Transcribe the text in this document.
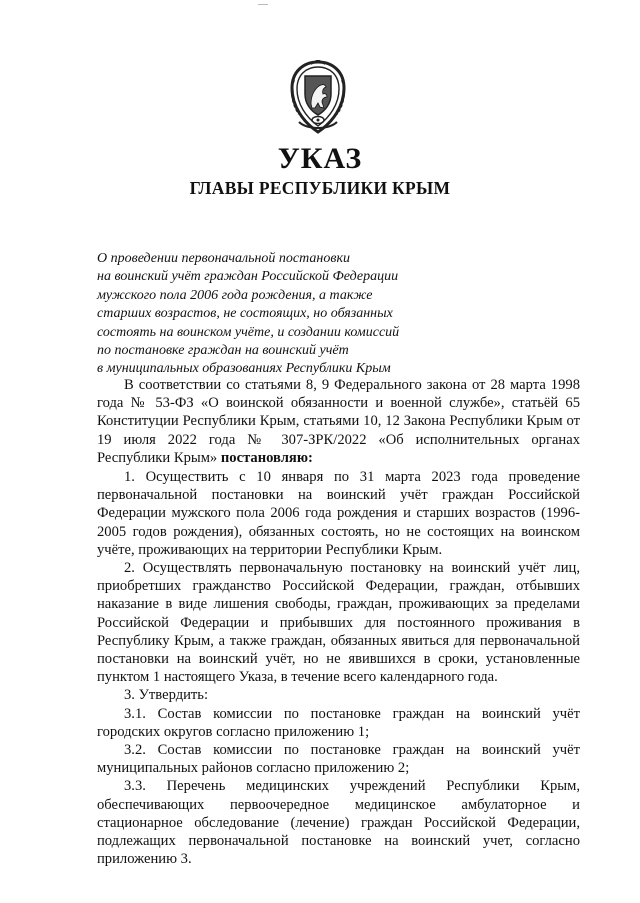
УКАЗ
ГЛАВЫ РЕСПУБЛИКИ КРЫМ
О проведении первоначальной постановки
на воинский учёт граждан Российской Федерации
мужского пола 2006 года рождения, а также
старших возрастов, не состоящих, но обязанных
состоять на воинском учёте, и создании комиссий
по постановке граждан на воинский учёт
в муниципальных образованиях Республики Крым

В соответствии со статьями 8, 9 Федерального закона от 28 марта 1998 года № 53-ФЗ «О воинской обязанности и военной службе», статьёй 65 Конституции Республики Крым, статьями 10, 12 Закона Республики Крым от 19 июля 2022 года № 307-ЗРК/2022 «Об исполнительных органах Республики Крым» постановляю:

1. Осуществить с 10 января по 31 марта 2023 года проведение первоначальной постановки на воинский учёт граждан Российской Федерации мужского пола 2006 года рождения и старших возрастов (1996-2005 годов рождения), обязанных состоять, но не состоящих на воинском учёте, проживающих на территории Республики Крым.

2. Осуществлять первоначальную постановку на воинский учёт лиц, приобретших гражданство Российской Федерации, граждан, отбывших наказание в виде лишения свободы, граждан, проживающих за пределами Российской Федерации и прибывших для постоянного проживания в Республику Крым, а также граждан, обязанных явиться для первоначальной постановки на воинский учёт, но не явившихся в сроки, установленные пунктом 1 настоящего Указа, в течение всего календарного года.

3. Утвердить:

3.1. Состав комиссии по постановке граждан на воинский учёт городских округов согласно приложению 1;

3.2. Состав комиссии по постановке граждан на воинский учёт муниципальных районов согласно приложению 2;

3.3. Перечень медицинских учреждений Республики Крым, обеспечивающих первоочередное медицинское амбулаторное и стационарное обследование (лечение) граждан Российской Федерации, подлежащих первоначальной постановке на воинский учет, согласно приложению 3.
